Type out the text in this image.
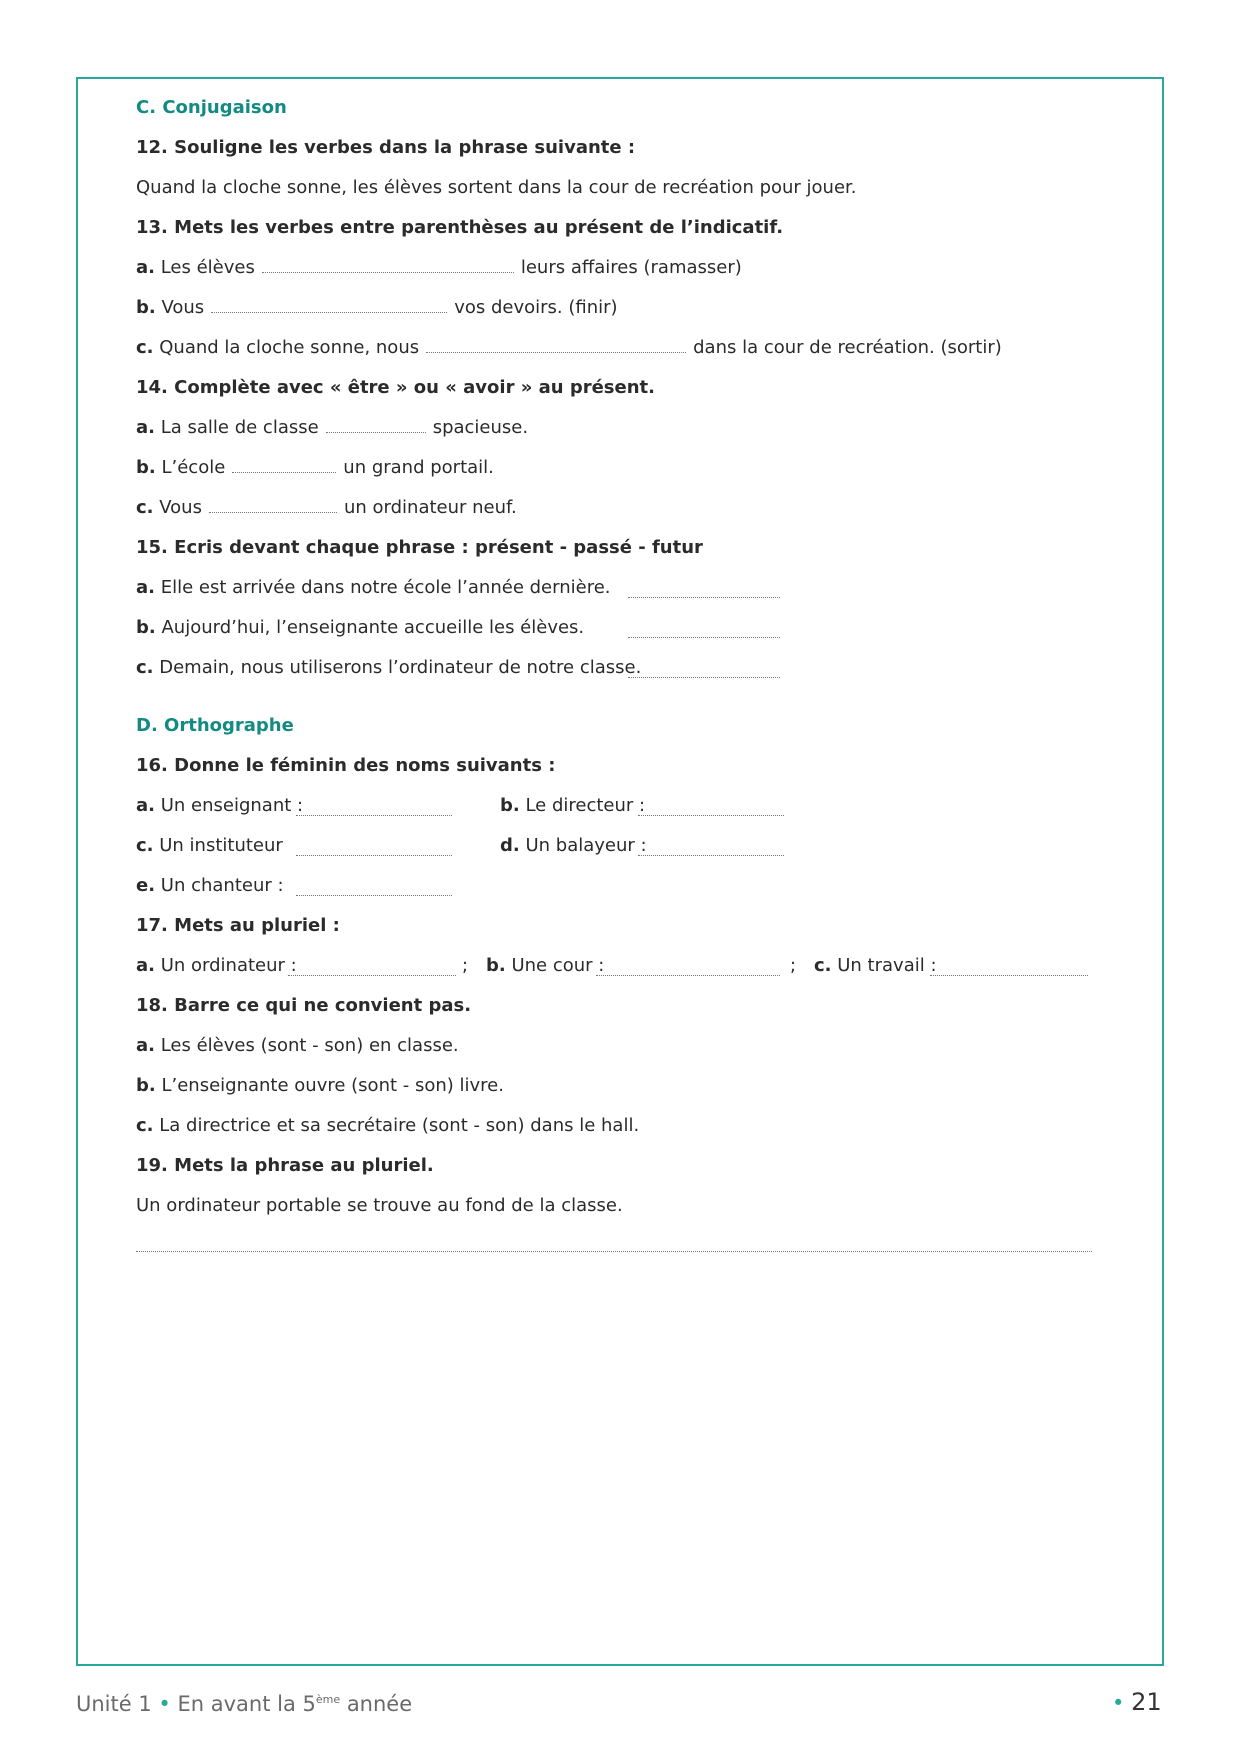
C. Conjugaison
12. Souligne les verbes dans la phrase suivante :
Quand la cloche sonne, les élèves sortent dans la cour de recréation pour jouer.
13. Mets les verbes entre parenthèses au présent de l’indicatif.
a. Les élèves	leurs affaires (ramasser)
b. Vous	vos devoirs. (finir)
c. Quand la cloche sonne, nous	dans la cour de recréation. (sortir)
14. Complète avec « être » ou « avoir » au présent.
a. La salle de classe	spacieuse.
b. L’école	un grand portail.
c. Vous	un ordinateur neuf.
15. Ecris devant chaque phrase : présent - passé - futur
a. Elle est arrivée dans notre école l’année dernière.
b. Aujourd’hui, l’enseignante accueille les élèves.
c. Demain, nous utiliserons l’ordinateur de notre classe.
D. Orthographe
16. Donne le féminin des noms suivants :
a. Un enseignant :	b. Le directeur :
c. Un instituteur	d. Un balayeur :
e. Un chanteur :
17. Mets au pluriel :
a. Un ordinateur :	; b. Une cour :	; c. Un travail :
18. Barre ce qui ne convient pas.
a. Les élèves (sont - son) en classe.
b. L’enseignante ouvre (sont - son) livre.
c. La directrice et sa secrétaire (sont - son) dans le hall.
19. Mets la phrase au pluriel.
Un ordinateur portable se trouve au fond de la classe.
Unité 1 • En avant la 5ème année	• 21
